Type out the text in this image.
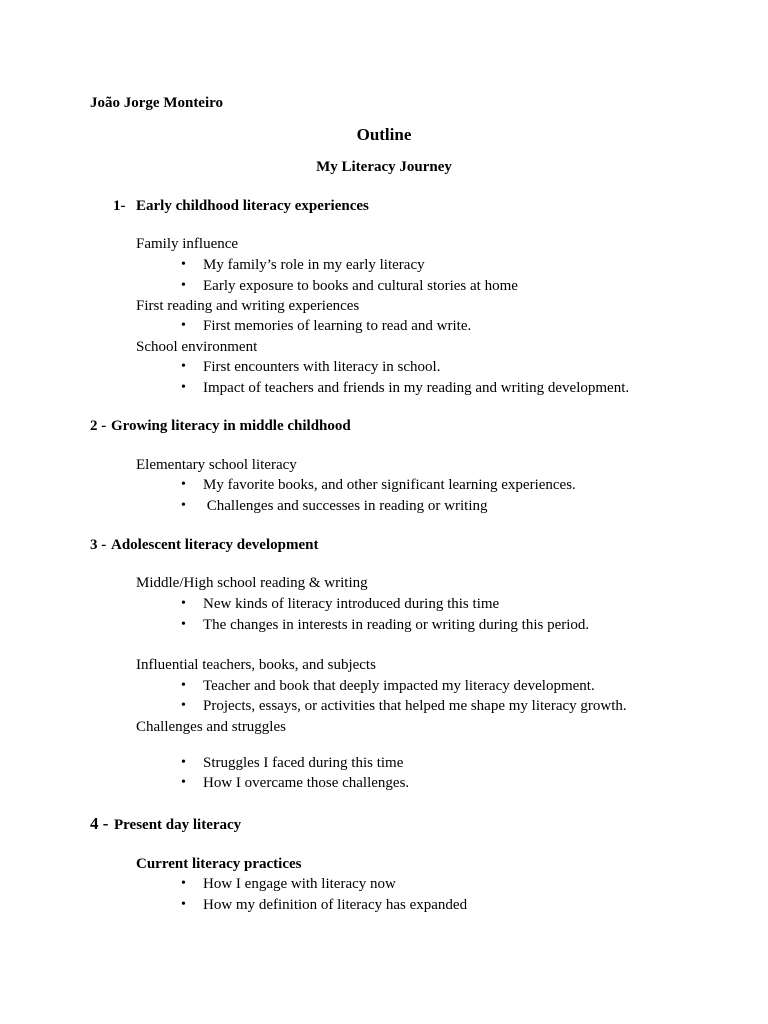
João Jorge Monteiro
Outline
My Literacy Journey
1- Early childhood literacy experiences
Family influence
• My family’s role in my early literacy
• Early exposure to books and cultural stories at home
First reading and writing experiences
• First memories of learning to read and write.
School environment
• First encounters with literacy in school.
• Impact of teachers and friends in my reading and writing development.
2 - Growing literacy in middle childhood
Elementary school literacy
• My favorite books, and other significant learning experiences.
• Challenges and successes in reading or writing
3 - Adolescent literacy development
Middle/High school reading & writing
• New kinds of literacy introduced during this time
• The changes in interests in reading or writing during this period.
Influential teachers, books, and subjects
• Teacher and book that deeply impacted my literacy development.
• Projects, essays, or activities that helped me shape my literacy growth.
Challenges and struggles
• Struggles I faced during this time
• How I overcame those challenges.
4 - Present day literacy
Current literacy practices
• How I engage with literacy now
• How my definition of literacy has expanded
